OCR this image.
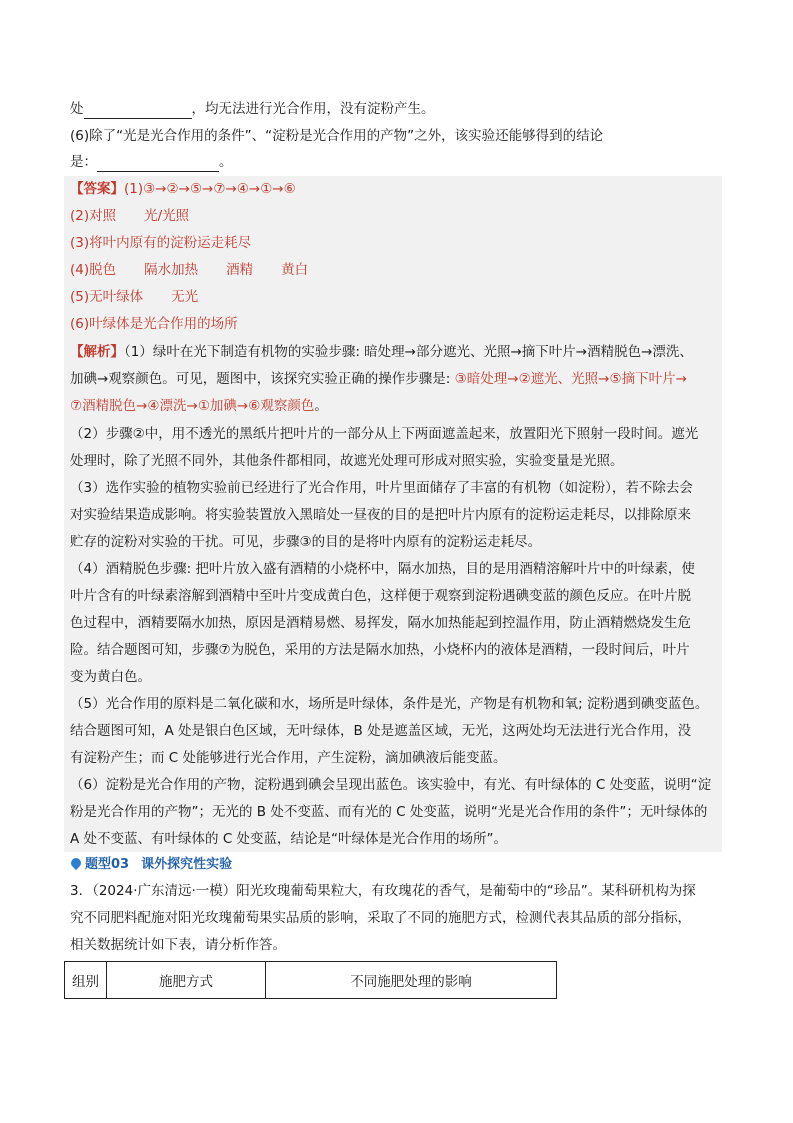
处	，均无法进行光合作用，没有淀粉产生。
(6)除了“光是光合作用的条件”、“淀粉是光合作用的产物”之外，该实验还能够得到的结论
是：	。
【答案】(1)③→②→⑤→⑦→④→①→⑥
(2)对照 光/光照
(3)将叶内原有的淀粉运走耗尽
(4)脱色 隔水加热 酒精 黄白
(5)无叶绿体 无光
(6)叶绿体是光合作用的场所
【解析】（1）绿叶在光下制造有机物的实验步骤: 暗处理→部分遮光、光照→摘下叶片→酒精脱色→漂洗、
加碘→观察颜色。可见，题图中，该探究实验正确的操作步骤是: ③暗处理→②遮光、光照→⑤摘下叶片→
⑦酒精脱色→④漂洗→①加碘→⑥观察颜色。
（2）步骤②中，用不透光的黑纸片把叶片的一部分从上下两面遮盖起来，放置阳光下照射一段时间。遮光
处理时，除了光照不同外，其他条件都相同，故遮光处理可形成对照实验，实验变量是光照。
（3）选作实验的植物实验前已经进行了光合作用，叶片里面储存了丰富的有机物（如淀粉），若不除去会
对实验结果造成影响。将实验装置放入黑暗处一昼夜的目的是把叶片内原有的淀粉运走耗尽，以排除原来
贮存的淀粉对实验的干扰。可见，步骤③的目的是将叶内原有的淀粉运走耗尽。
（4）酒精脱色步骤: 把叶片放入盛有酒精的小烧杯中，隔水加热，目的是用酒精溶解叶片中的叶绿素，使
叶片含有的叶绿素溶解到酒精中至叶片变成黄白色，这样便于观察到淀粉遇碘变蓝的颜色反应。在叶片脱
色过程中，酒精要隔水加热，原因是酒精易燃、易挥发，隔水加热能起到控温作用，防止酒精燃烧发生危
险。结合题图可知，步骤⑦为脱色，采用的方法是隔水加热，小烧杯内的液体是酒精，一段时间后，叶片
变为黄白色。
（5）光合作用的原料是二氧化碳和水，场所是叶绿体，条件是光，产物是有机物和氧; 淀粉遇到碘变蓝色。
结合题图可知，A 处是银白色区域，无叶绿体，B 处是遮盖区域，无光，这两处均无法进行光合作用，没
有淀粉产生；而 C 处能够进行光合作用，产生淀粉，滴加碘液后能变蓝。
（6）淀粉是光合作用的产物，淀粉遇到碘会呈现出蓝色。该实验中，有光、有叶绿体的 C 处变蓝，说明“淀
粉是光合作用的产物”；无光的 B 处不变蓝、而有光的 C 处变蓝，说明“光是光合作用的条件”；无叶绿体的
A 处不变蓝、有叶绿体的 C 处变蓝，结论是“叶绿体是光合作用的场所”。
题型03 课外探究性实验
3．（2024·广东清远·一模）阳光玫瑰葡萄果粒大，有玫瑰花的香气，是葡萄中的“珍品”。某科研机构为探
究不同肥料配施对阳光玫瑰葡萄果实品质的影响，采取了不同的施肥方式，检测代表其品质的部分指标，
相关数据统计如下表，请分析作答。
组别	施肥方式	不同施肥处理的影响
